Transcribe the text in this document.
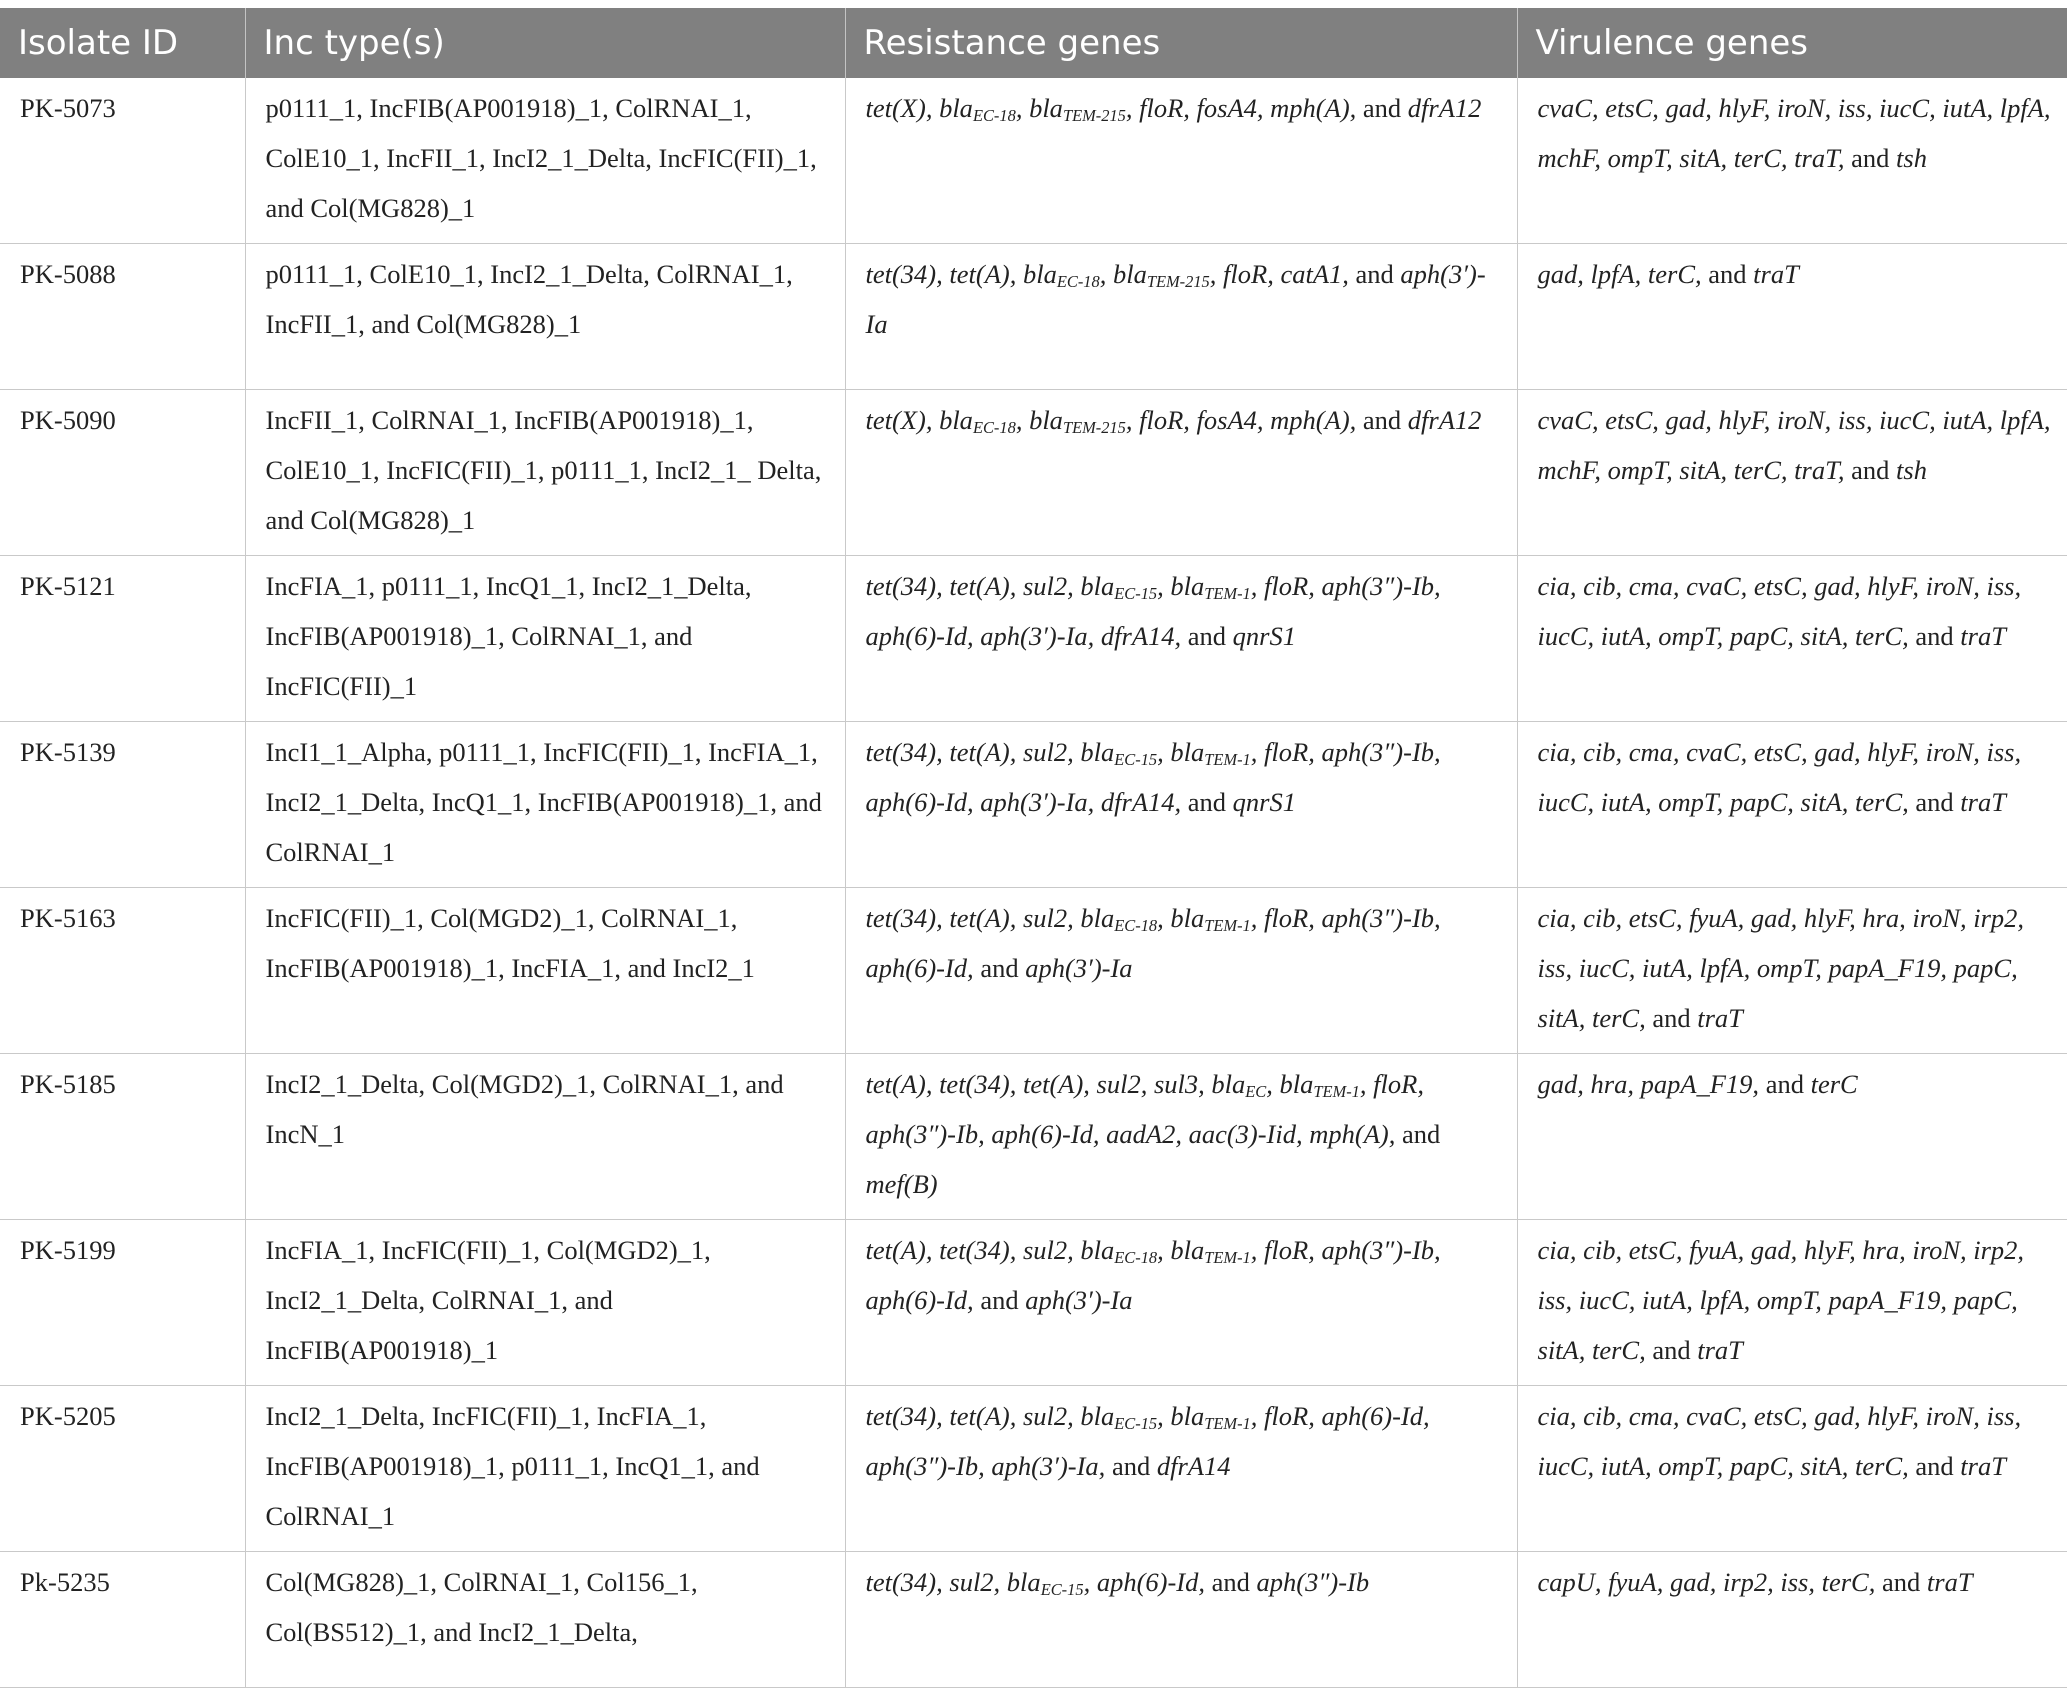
Isolate ID	Inc type(s)	Resistance genes	Virulence genes
PK-5073	p0111_1, IncFIB(AP001918)_1, ColRNAI_1, ColE10_1, IncFII_1, IncI2_1_Delta, IncFIC(FII)_1, and Col(MG828)_1	tet(X), bla$_{EC-18}$, bla$_{TEM-215}$, floR, fosA4, mph(A), and dfrA12	cvaC, etsC, gad, hlyF, iroN, iss, iucC, iutA, lpfA, mchF, ompT, sitA, terC, traT, and tsh
PK-5088	p0111_1, ColE10_1, IncI2_1_Delta, ColRNAI_1, IncFII_1, and Col(MG828)_1	tet(34), tet(A), bla$_{EC-18}$, bla$_{TEM-215}$, floR, catA1, and aph(3′)-Ia	gad, lpfA, terC, and traT
PK-5090	IncFII_1, ColRNAI_1, IncFIB(AP001918)_1, ColE10_1, IncFIC(FII)_1, p0111_1, IncI2_1_ Delta, and Col(MG828)_1	tet(X), bla$_{EC-18}$, bla$_{TEM-215}$, floR, fosA4, mph(A), and dfrA12	cvaC, etsC, gad, hlyF, iroN, iss, iucC, iutA, lpfA, mchF, ompT, sitA, terC, traT, and tsh
PK-5121	IncFIA_1, p0111_1, IncQ1_1, IncI2_1_Delta, IncFIB(AP001918)_1, ColRNAI_1, and IncFIC(FII)_1	tet(34), tet(A), sul2, bla$_{EC-15}$, bla$_{TEM-1}$, floR, aph(3″)-Ib, aph(6)-Id, aph(3′)-Ia, dfrA14, and qnrS1	cia, cib, cma, cvaC, etsC, gad, hlyF, iroN, iss, iucC, iutA, ompT, papC, sitA, terC, and traT
PK-5139	IncI1_1_Alpha, p0111_1, IncFIC(FII)_1, IncFIA_1, IncI2_1_Delta, IncQ1_1, IncFIB(AP001918)_1, and ColRNAI_1	tet(34), tet(A), sul2, bla$_{EC-15}$, bla$_{TEM-1}$, floR, aph(3″)-Ib, aph(6)-Id, aph(3′)-Ia, dfrA14, and qnrS1	cia, cib, cma, cvaC, etsC, gad, hlyF, iroN, iss, iucC, iutA, ompT, papC, sitA, terC, and traT
PK-5163	IncFIC(FII)_1, Col(MGD2)_1, ColRNAI_1, IncFIB(AP001918)_1, IncFIA_1, and IncI2_1	tet(34), tet(A), sul2, bla$_{EC-18}$, bla$_{TEM-1}$, floR, aph(3″)-Ib, aph(6)-Id, and aph(3′)-Ia	cia, cib, etsC, fyuA, gad, hlyF, hra, iroN, irp2, iss, iucC, iutA, lpfA, ompT, papA_F19, papC, sitA, terC, and traT
PK-5185	IncI2_1_Delta, Col(MGD2)_1, ColRNAI_1, and IncN_1	tet(A), tet(34), tet(A), sul2, sul3, bla$_{EC}$, bla$_{TEM-1}$, floR, aph(3″)-Ib, aph(6)-Id, aadA2, aac(3)-Iid, mph(A), and mef(B)	gad, hra, papA_F19, and terC
PK-5199	IncFIA_1, IncFIC(FII)_1, Col(MGD2)_1, IncI2_1_Delta, ColRNAI_1, and IncFIB(AP001918)_1	tet(A), tet(34), sul2, bla$_{EC-18}$, bla$_{TEM-1}$, floR, aph(3″)-Ib, aph(6)-Id, and aph(3′)-Ia	cia, cib, etsC, fyuA, gad, hlyF, hra, iroN, irp2, iss, iucC, iutA, lpfA, ompT, papA_F19, papC, sitA, terC, and traT
PK-5205	IncI2_1_Delta, IncFIC(FII)_1, IncFIA_1, IncFIB(AP001918)_1, p0111_1, IncQ1_1, and ColRNAI_1	tet(34), tet(A), sul2, bla$_{EC-15}$, bla$_{TEM-1}$, floR, aph(6)-Id, aph(3″)-Ib, aph(3′)-Ia, and dfrA14	cia, cib, cma, cvaC, etsC, gad, hlyF, iroN, iss, iucC, iutA, ompT, papC, sitA, terC, and traT
Pk-5235	Col(MG828)_1, ColRNAI_1, Col156_1, Col(BS512)_1, and IncI2_1_Delta,	tet(34), sul2, bla$_{EC-15}$, aph(6)-Id, and aph(3″)-Ib	capU, fyuA, gad, irp2, iss, terC, and traT
